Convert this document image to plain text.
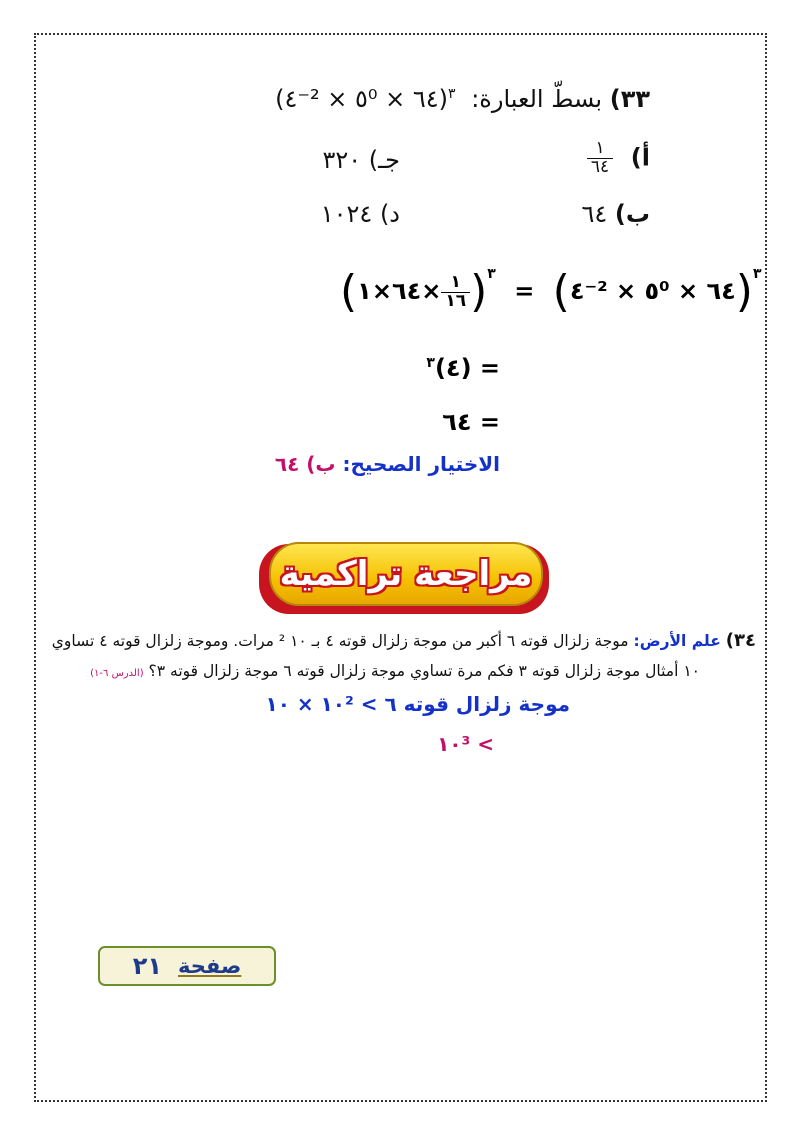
٣٣) بسطّ العبارة: (٤⁻² × ٥⁰ × ٦٤)$^٣$
أ)
$\frac{١}{٦٤}$
جـ) ٣٢٠
ب) ٦٤
د) ١٠٢٤
( ٦٤×١× $\frac{١}{١٦} )^٣$ = (٤⁻² × ٥⁰ × ٦٤)$^٣$
= (٤)$^٣$
= ٦٤
الاختيار الصحيح: ب) ٦٤
مراجعة تراكمية
٣٤) علم الأرض: موجة زلزال قوته ٦ أكبر من موجة زلزال قوته ٤ بـ ١٠ ² مرات. وموجة زلزال قوته ٤ تساوي
١٠ أمثال موجة زلزال قوته ٣ فكم مرة تساوي موجة زلزال قوته ٦ موجة زلزال قوته ٣؟ (الدرس ٦-١)
موجة زلزال قوته ٦ > ١٠² × ١٠
> ١٠³
صفحة
٢١
